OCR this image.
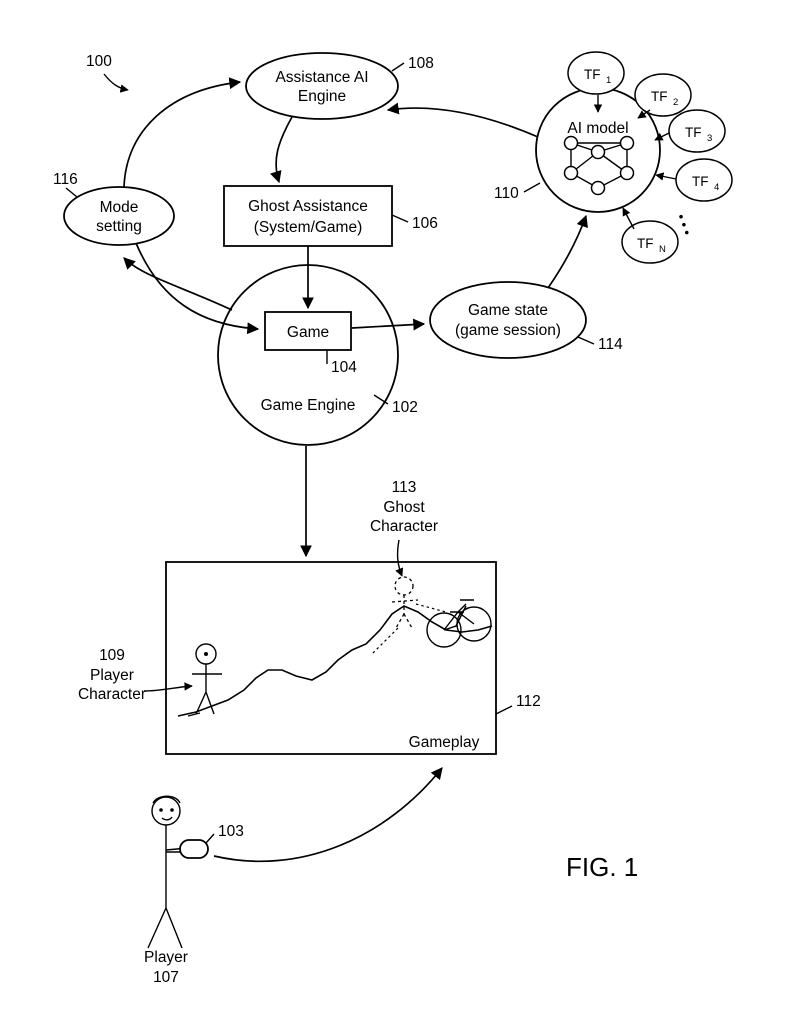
100
Assistance AI
Engine
108
AI model
110
TF 1
TF 2
TF 3
TF 4
TF N
• • •
Mode
setting
116
Ghost Assistance
(System/Game)	106
Game Engine 102
Game
104
Game state
(game session)
114
Gameplay
112
113
Ghost
Character
109
Player
Character
Player
107
103
FIG. 1
